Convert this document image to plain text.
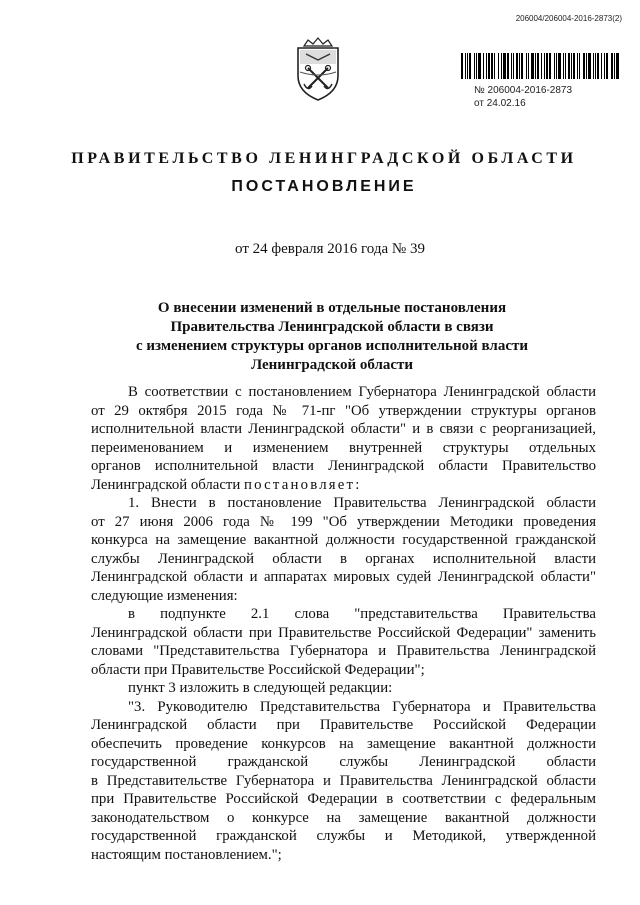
206004/206004-2016-2873(2)
№ 206004-2016-2873
от 24.02.16
ПРАВИТЕЛЬСТВО ЛЕНИНГРАДСКОЙ ОБЛАСТИ
ПОСТАНОВЛЕНИЕ
от 24 февраля 2016 года № 39
О внесении изменений в отдельные постановления
Правительства Ленинградской области в связи
с изменением структуры органов исполнительной власти
Ленинградской области

В соответствии с постановлением Губернатора Ленинградской области

от 29 октября 2015 года № 71-пг "Об утверждении структуры органов

исполнительной власти Ленинградской области" и в связи с реорганизацией,

переименованием и изменением внутренней структуры отдельных

органов исполнительной власти Ленинградской области Правительство

Ленинградской области постановляет:

1. Внести в постановление Правительства Ленинградской области

от 27 июня 2006 года № 199 "Об утверждении Методики проведения

конкурса на замещение вакантной должности государственной гражданской

службы Ленинградской области в органах исполнительной власти

Ленинградской области и аппаратах мировых судей Ленинградской области"

следующие изменения:

в подпункте 2.1 слова "представительства Правительства

Ленинградской области при Правительстве Российской Федерации" заменить

словами "Представительства Губернатора и Правительства Ленинградской

области при Правительстве Российской Федерации";

пункт 3 изложить в следующей редакции:

"3. Руководителю Представительства Губернатора и Правительства

Ленинградской области при Правительстве Российской Федерации

обеспечить проведение конкурсов на замещение вакантной должности

государственной гражданской службы Ленинградской области

в Представительстве Губернатора и Правительства Ленинградской области

при Правительстве Российской Федерации в соответствии с федеральным

законодательством о конкурсе на замещение вакантной должности

государственной гражданской службы и Методикой, утвержденной

настоящим постановлением.";
